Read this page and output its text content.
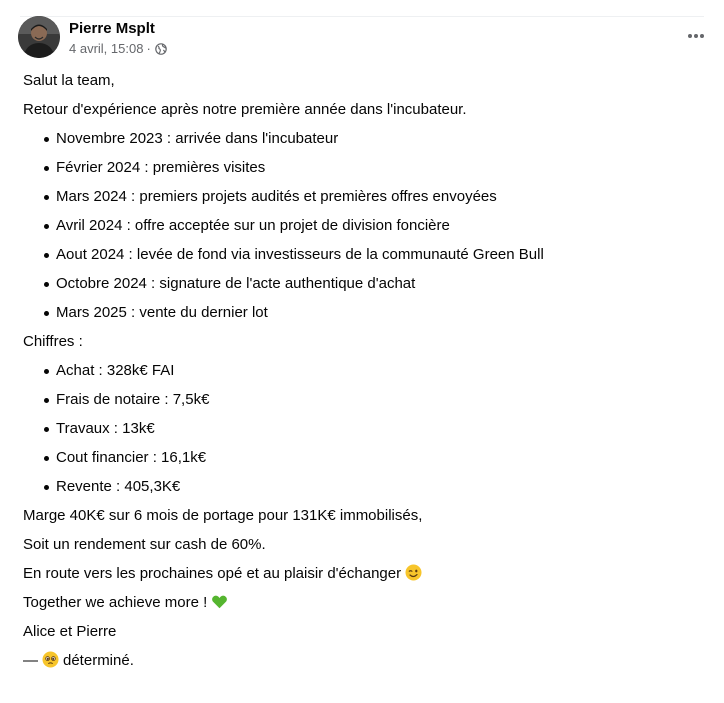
Pierre Msplt
4 avril, 15:08 ·

Salut la team,

Retour d'expérience après notre première année dans l'incubateur.

Novembre 2023 : arrivée dans l'incubateur
Février 2024 : premières visites
Mars 2024 : premiers projets audités et premières offres envoyées
Avril 2024 : offre acceptée sur un projet de division foncière
Aout 2024 : levée de fond via investisseurs de la communauté Green Bull
Octobre 2024 : signature de l'acte authentique d'achat
Mars 2025 : vente du dernier lot

Chiffres :

Achat : 328k€ FAI
Frais de notaire : 7,5k€
Travaux : 13k€
Cout financier : 16,1k€
Revente : 405,3K€

Marge 40K€ sur 6 mois de portage pour 131K€ immobilisés,

Soit un rendement sur cash de 60%.

En route vers les prochaines opé et au plaisir d'échanger

Together we achieve more !

Alice et Pierre

— déterminé.
